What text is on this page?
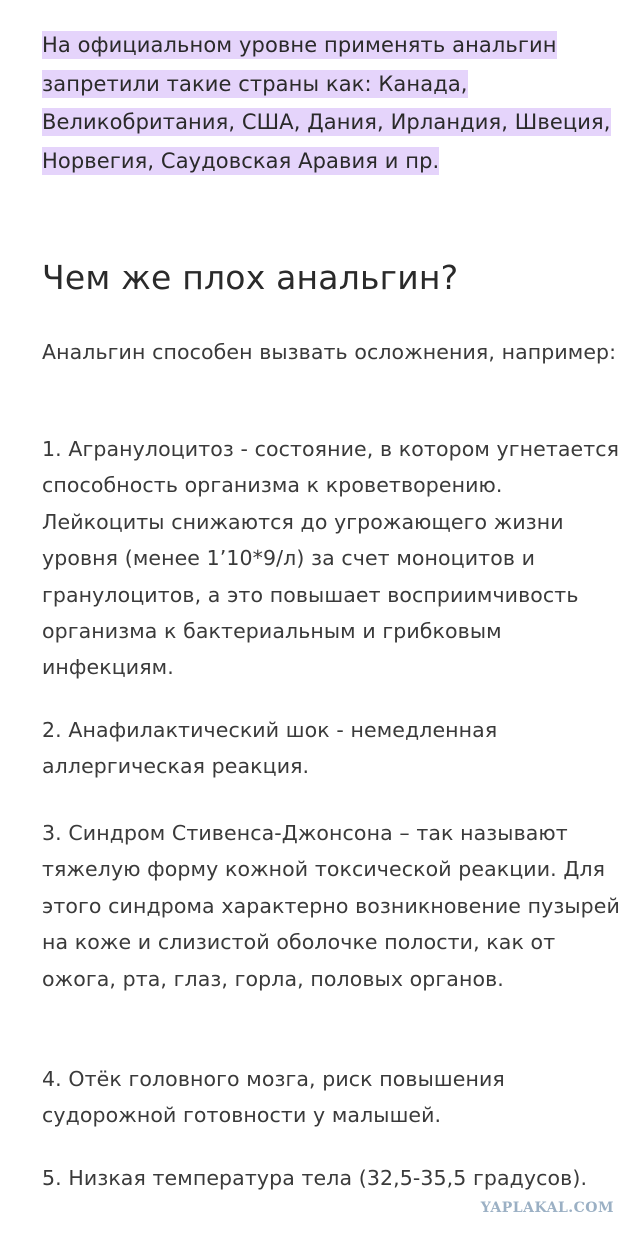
На официальном уровне применять анальгин запретили такие страны как: Канада, Великобритания, США, Дания, Ирландия, Швеция, Норвегия, Саудовская Аравия и пр.

Чем же плох анальгин?

Анальгин способен вызвать осложнения, например:

1. Агранулоцитоз - состояние, в котором угнетается способность организма к кроветворению. Лейкоциты снижаются до угрожающего жизни уровня (менее 1’10*9/л) за счет моноцитов и гранулоцитов, а это повышает восприимчивость организма к бактериальным и грибковым инфекциям.

2. Анафилактический шок - немедленная аллергическая реакция.

3. Синдром Стивенса-Джонсона – так называют тяжелую форму кожной токсической реакции. Для этого синдрома характерно возникновение пузырей на коже и слизистой оболочке полости, как от ожога, рта, глаз, горла, половых органов.

4. Отёк головного мозга, риск повышения судорожной готовности у малышей.

5. Низкая температура тела (32,5-35,5 градусов).

YAPLAKAL.COM
